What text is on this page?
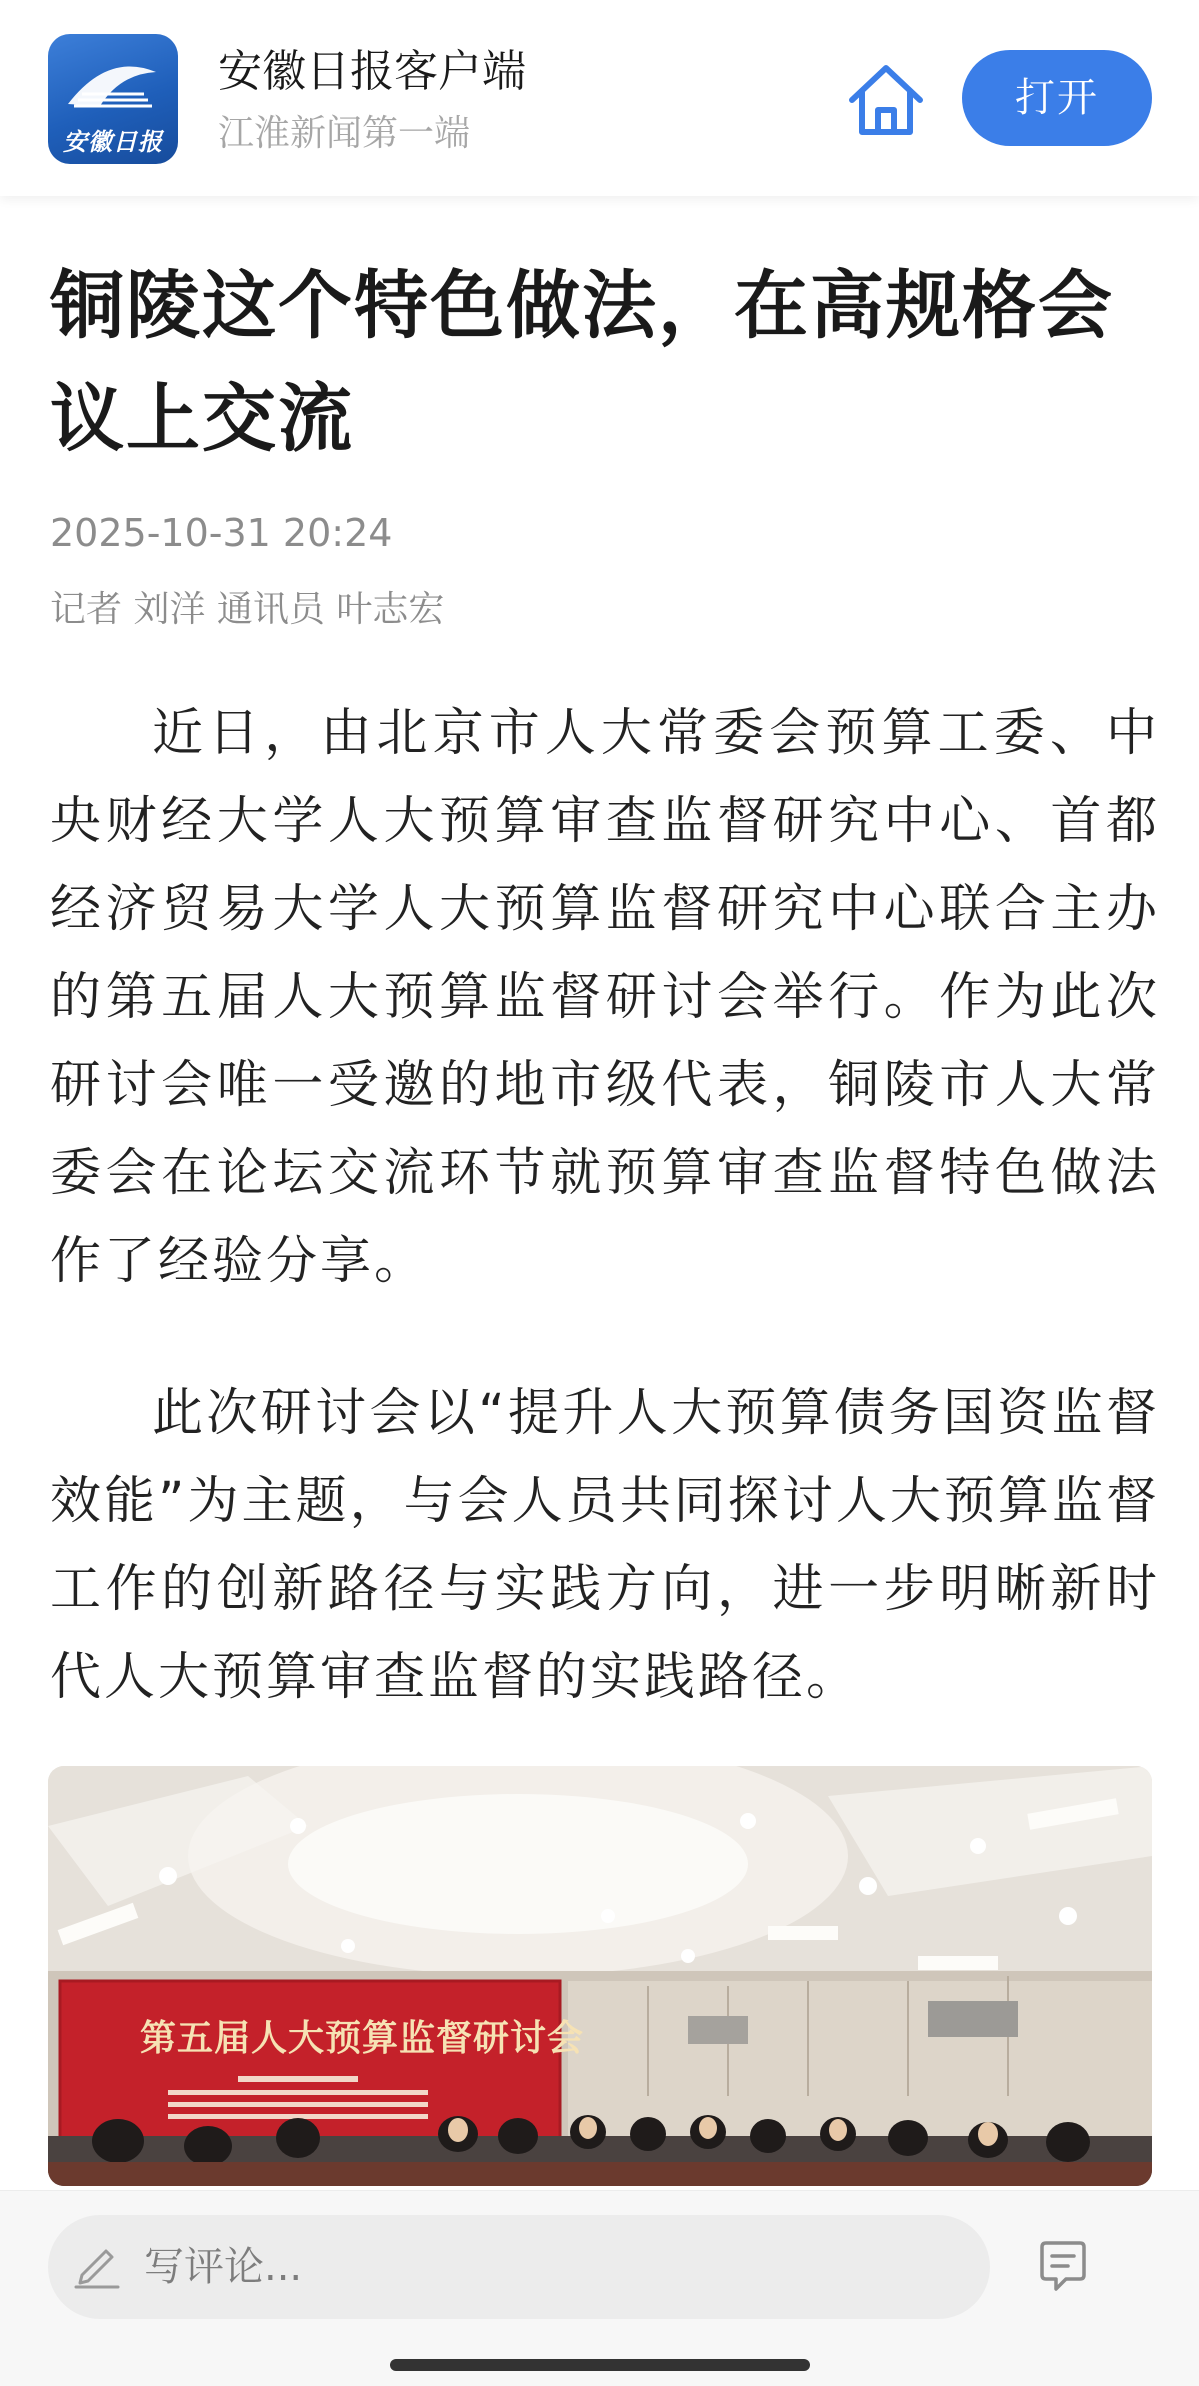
安徽日报
安徽日报客户端
江淮新闻第一端
打开
铜陵这个特色做法，在高规格会议上交流
2025-10-31 20:24
记者 刘洋 通讯员 叶志宏

近日，由北京市人大常委会预算工委、中央财经大学人大预算审查监督研究中心、首都经济贸易大学人大预算监督研究中心联合主办的第五届人大预算监督研讨会举行。作为此次研讨会唯一受邀的地市级代表，铜陵市人大常委会在论坛交流环节就预算审查监督特色做法作了经验分享。

此次研讨会以“提升人大预算债务国资监督效能”为主题，与会人员共同探讨人大预算监督工作的创新路径与实践方向，进一步明晰新时代人大预算审查监督的实践路径。

第五届人大预算监督研讨会
写评论...
